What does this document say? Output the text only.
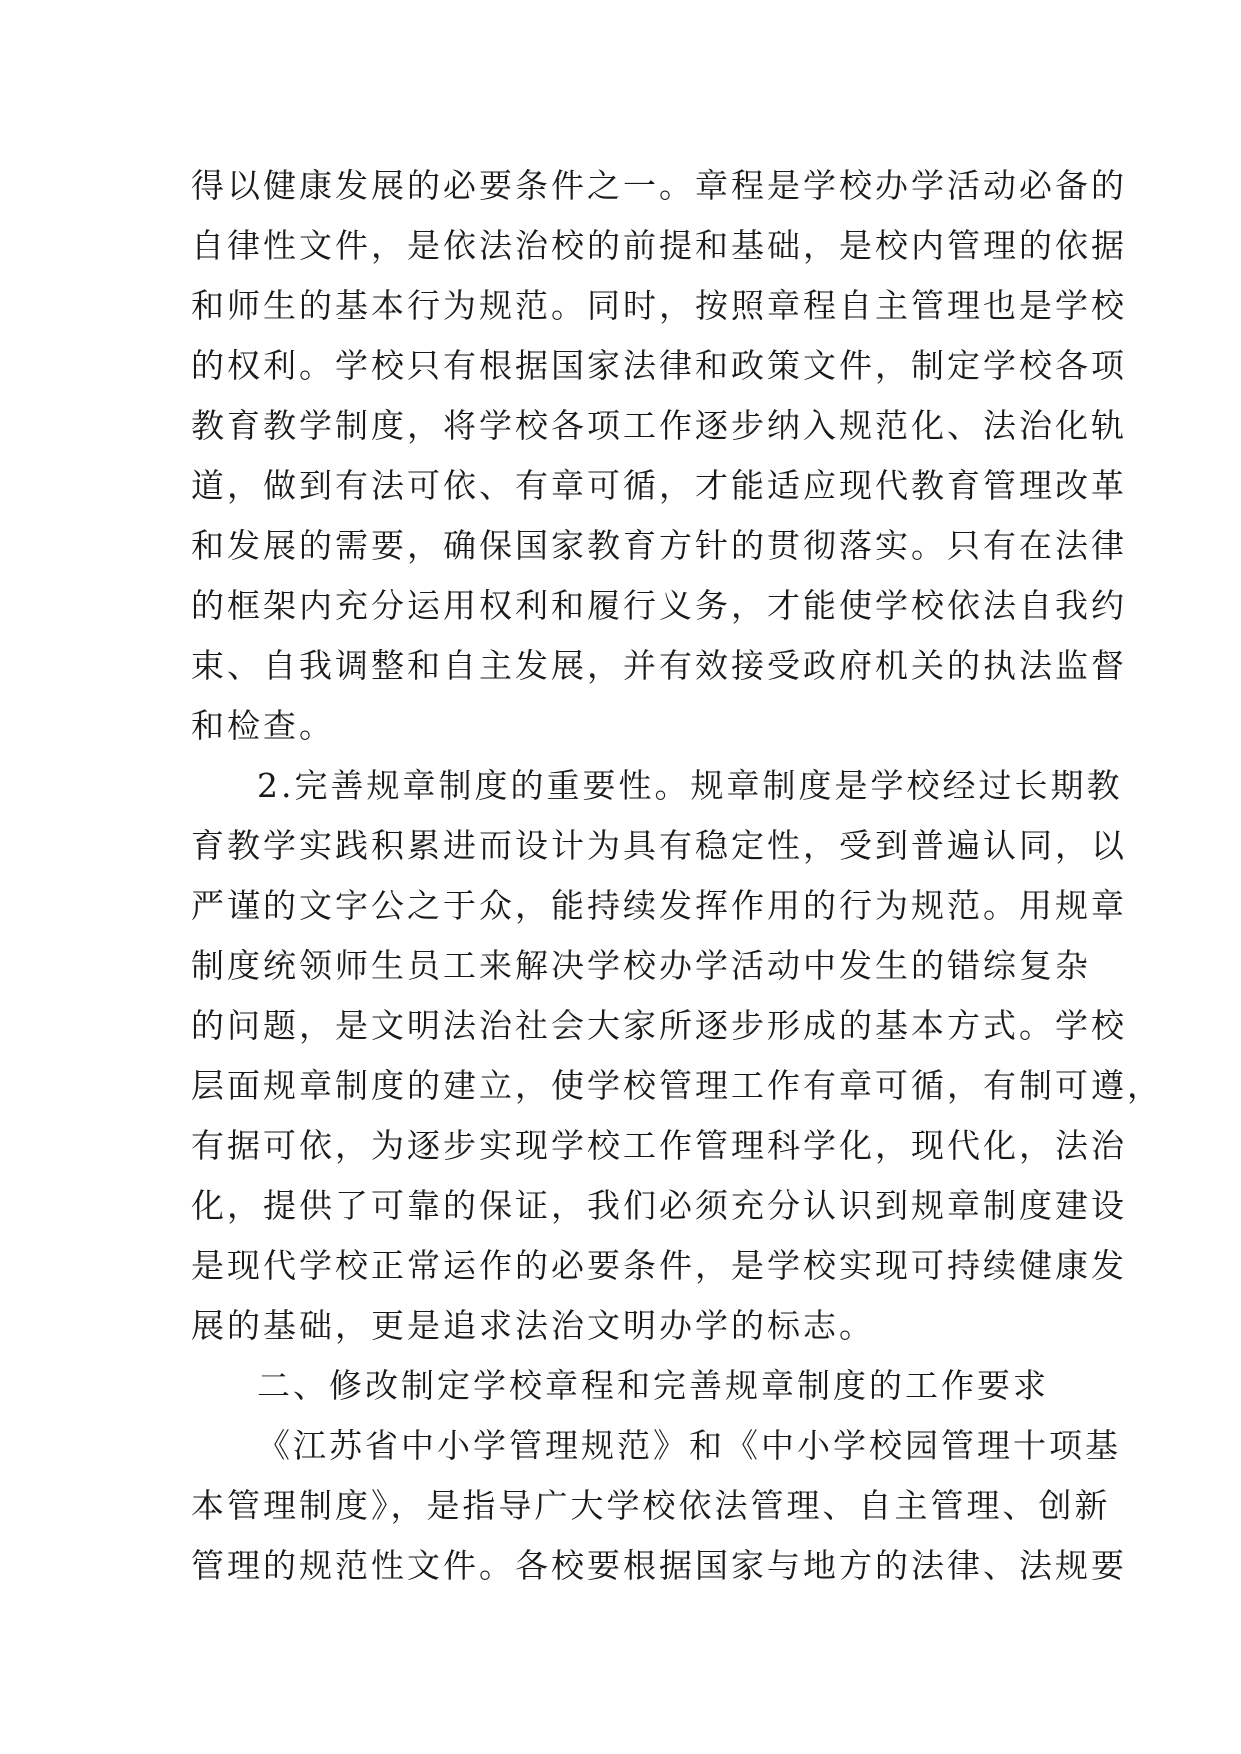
得以健康发展的必要条件之一。章程是学校办学活动必备的
自律性文件，是依法治校的前提和基础，是校内管理的依据
和师生的基本行为规范。同时，按照章程自主管理也是学校
的权利。学校只有根据国家法律和政策文件，制定学校各项
教育教学制度，将学校各项工作逐步纳入规范化、法治化轨
道，做到有法可依、有章可循，才能适应现代教育管理改革
和发展的需要，确保国家教育方针的贯彻落实。只有在法律
的框架内充分运用权利和履行义务，才能使学校依法自我约
束、自我调整和自主发展，并有效接受政府机关的执法监督
和检查。
2.完善规章制度的重要性。规章制度是学校经过长期教
育教学实践积累进而设计为具有稳定性，受到普遍认同，以
严谨的文字公之于众，能持续发挥作用的行为规范。用规章
制度统领师生员工来解决学校办学活动中发生的错综复杂
的问题，是文明法治社会大家所逐步形成的基本方式。学校
层面规章制度的建立，使学校管理工作有章可循，有制可遵，
有据可依，为逐步实现学校工作管理科学化，现代化，法治
化，提供了可靠的保证，我们必须充分认识到规章制度建设
是现代学校正常运作的必要条件，是学校实现可持续健康发
展的基础，更是追求法治文明办学的标志。
二、修改制定学校章程和完善规章制度的工作要求
《江苏省中小学管理规范》和《中小学校园管理十项基
本管理制度》，是指导广大学校依法管理、自主管理、创新
管理的规范性文件。各校要根据国家与地方的法律、法规要
